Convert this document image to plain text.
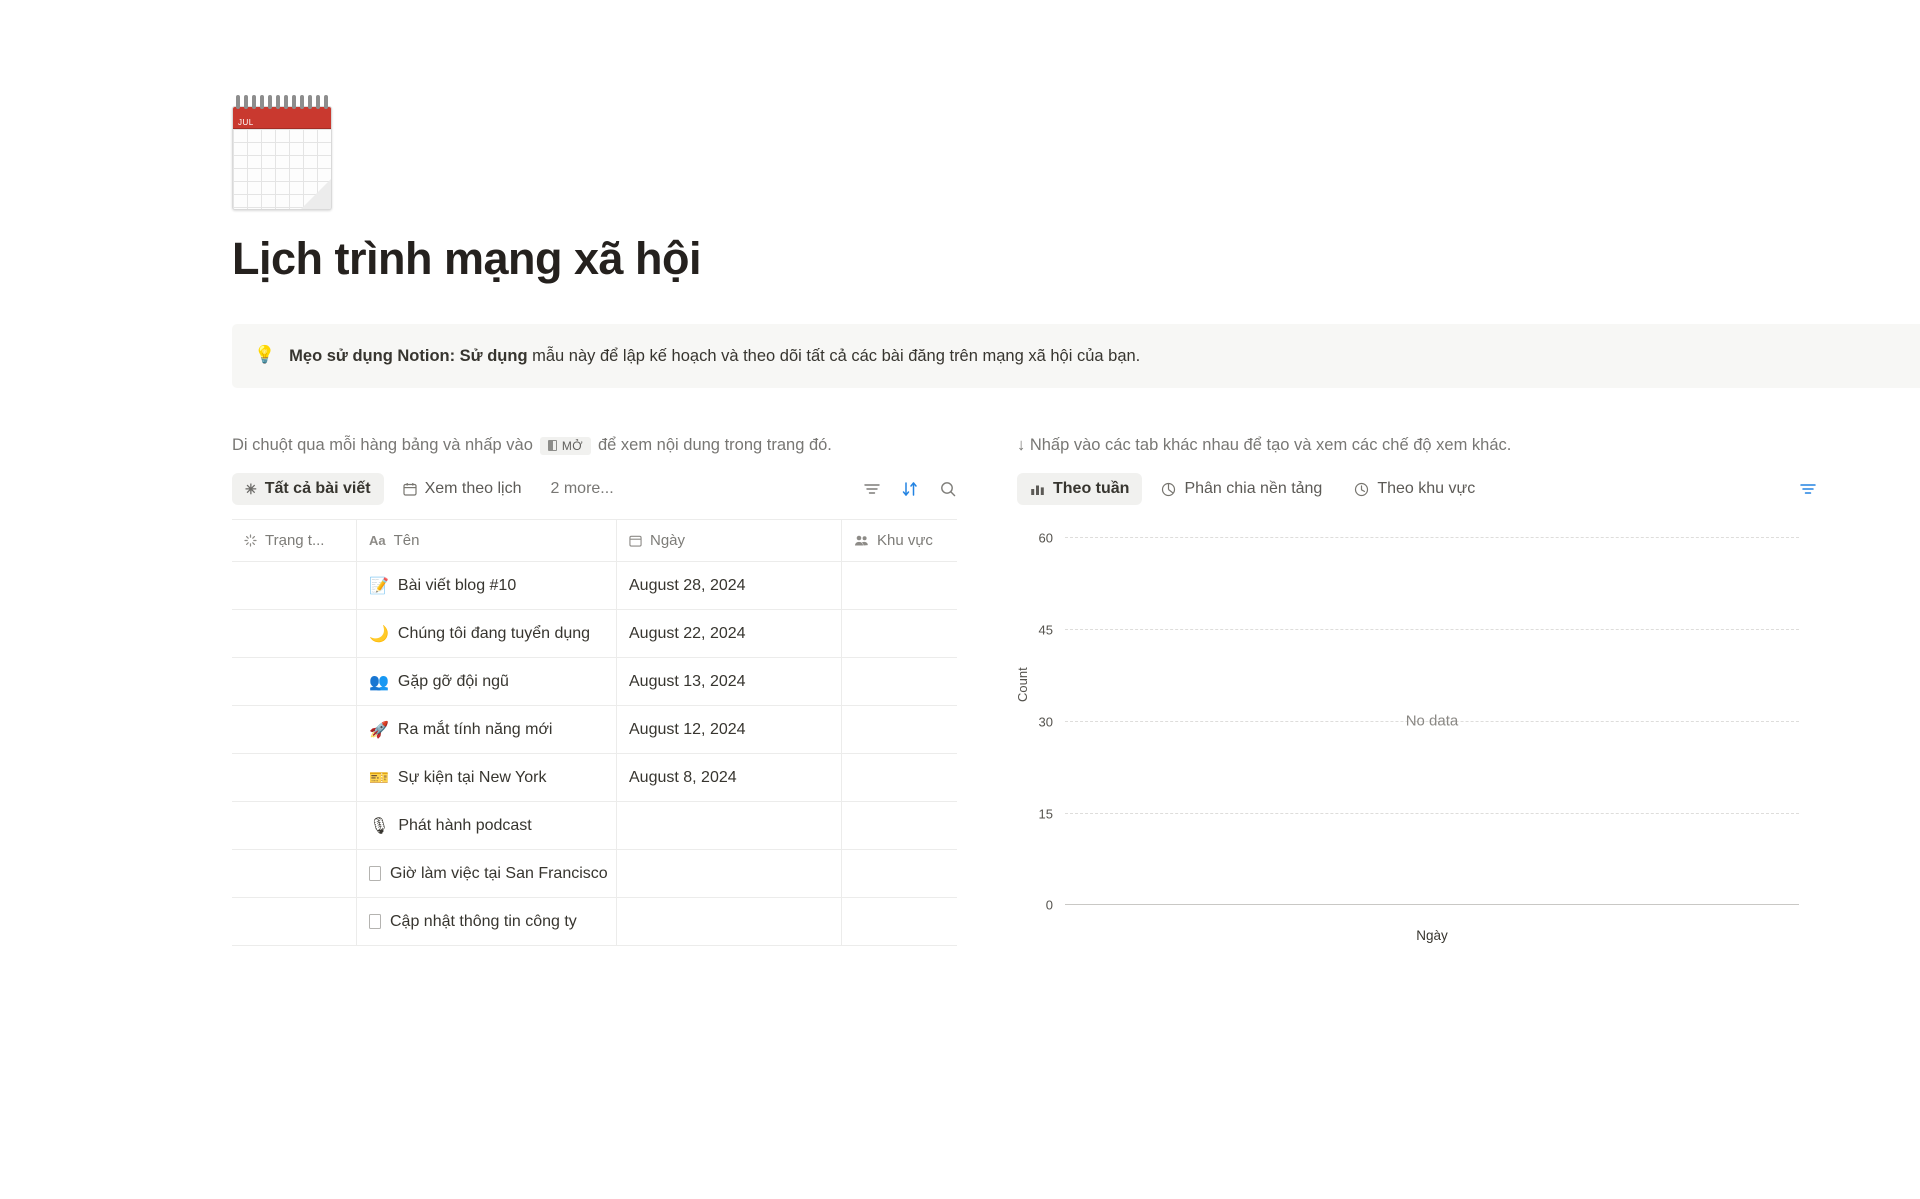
JUL
Lịch trình mạng xã hội
💡 Mẹo sử dụng Notion: Sử dụng mẫu này để lập kế hoạch và theo dõi tất cả các bài đăng trên mạng xã hội của bạn.
Di chuột qua mỗi hàng bảng và nhấp vào MỞ để xem nội dung trong trang đó.
✳ Tất cả bài viết	Xem theo lịch	2 more...
Trạng t...	Aa Tên	Ngày	Khu vực
📝 Bài viết blog #10	August 28, 2024
🌙 Chúng tôi đang tuyển dụng	August 22, 2024
👥 Gặp gỡ đội ngũ	August 13, 2024
🚀 Ra mắt tính năng mới	August 12, 2024
🎫 Sự kiện tại New York	August 8, 2024
🎙 Phát hành podcast
Giờ làm việc tại San Francisco
Cập nhật thông tin công ty
↓ Nhấp vào các tab khác nhau để tạo và xem các chế độ xem khác.
Theo tuần	Phân chia nền tảng	Theo khu vực
Count
60
45
30
15
0
No data
Ngày
